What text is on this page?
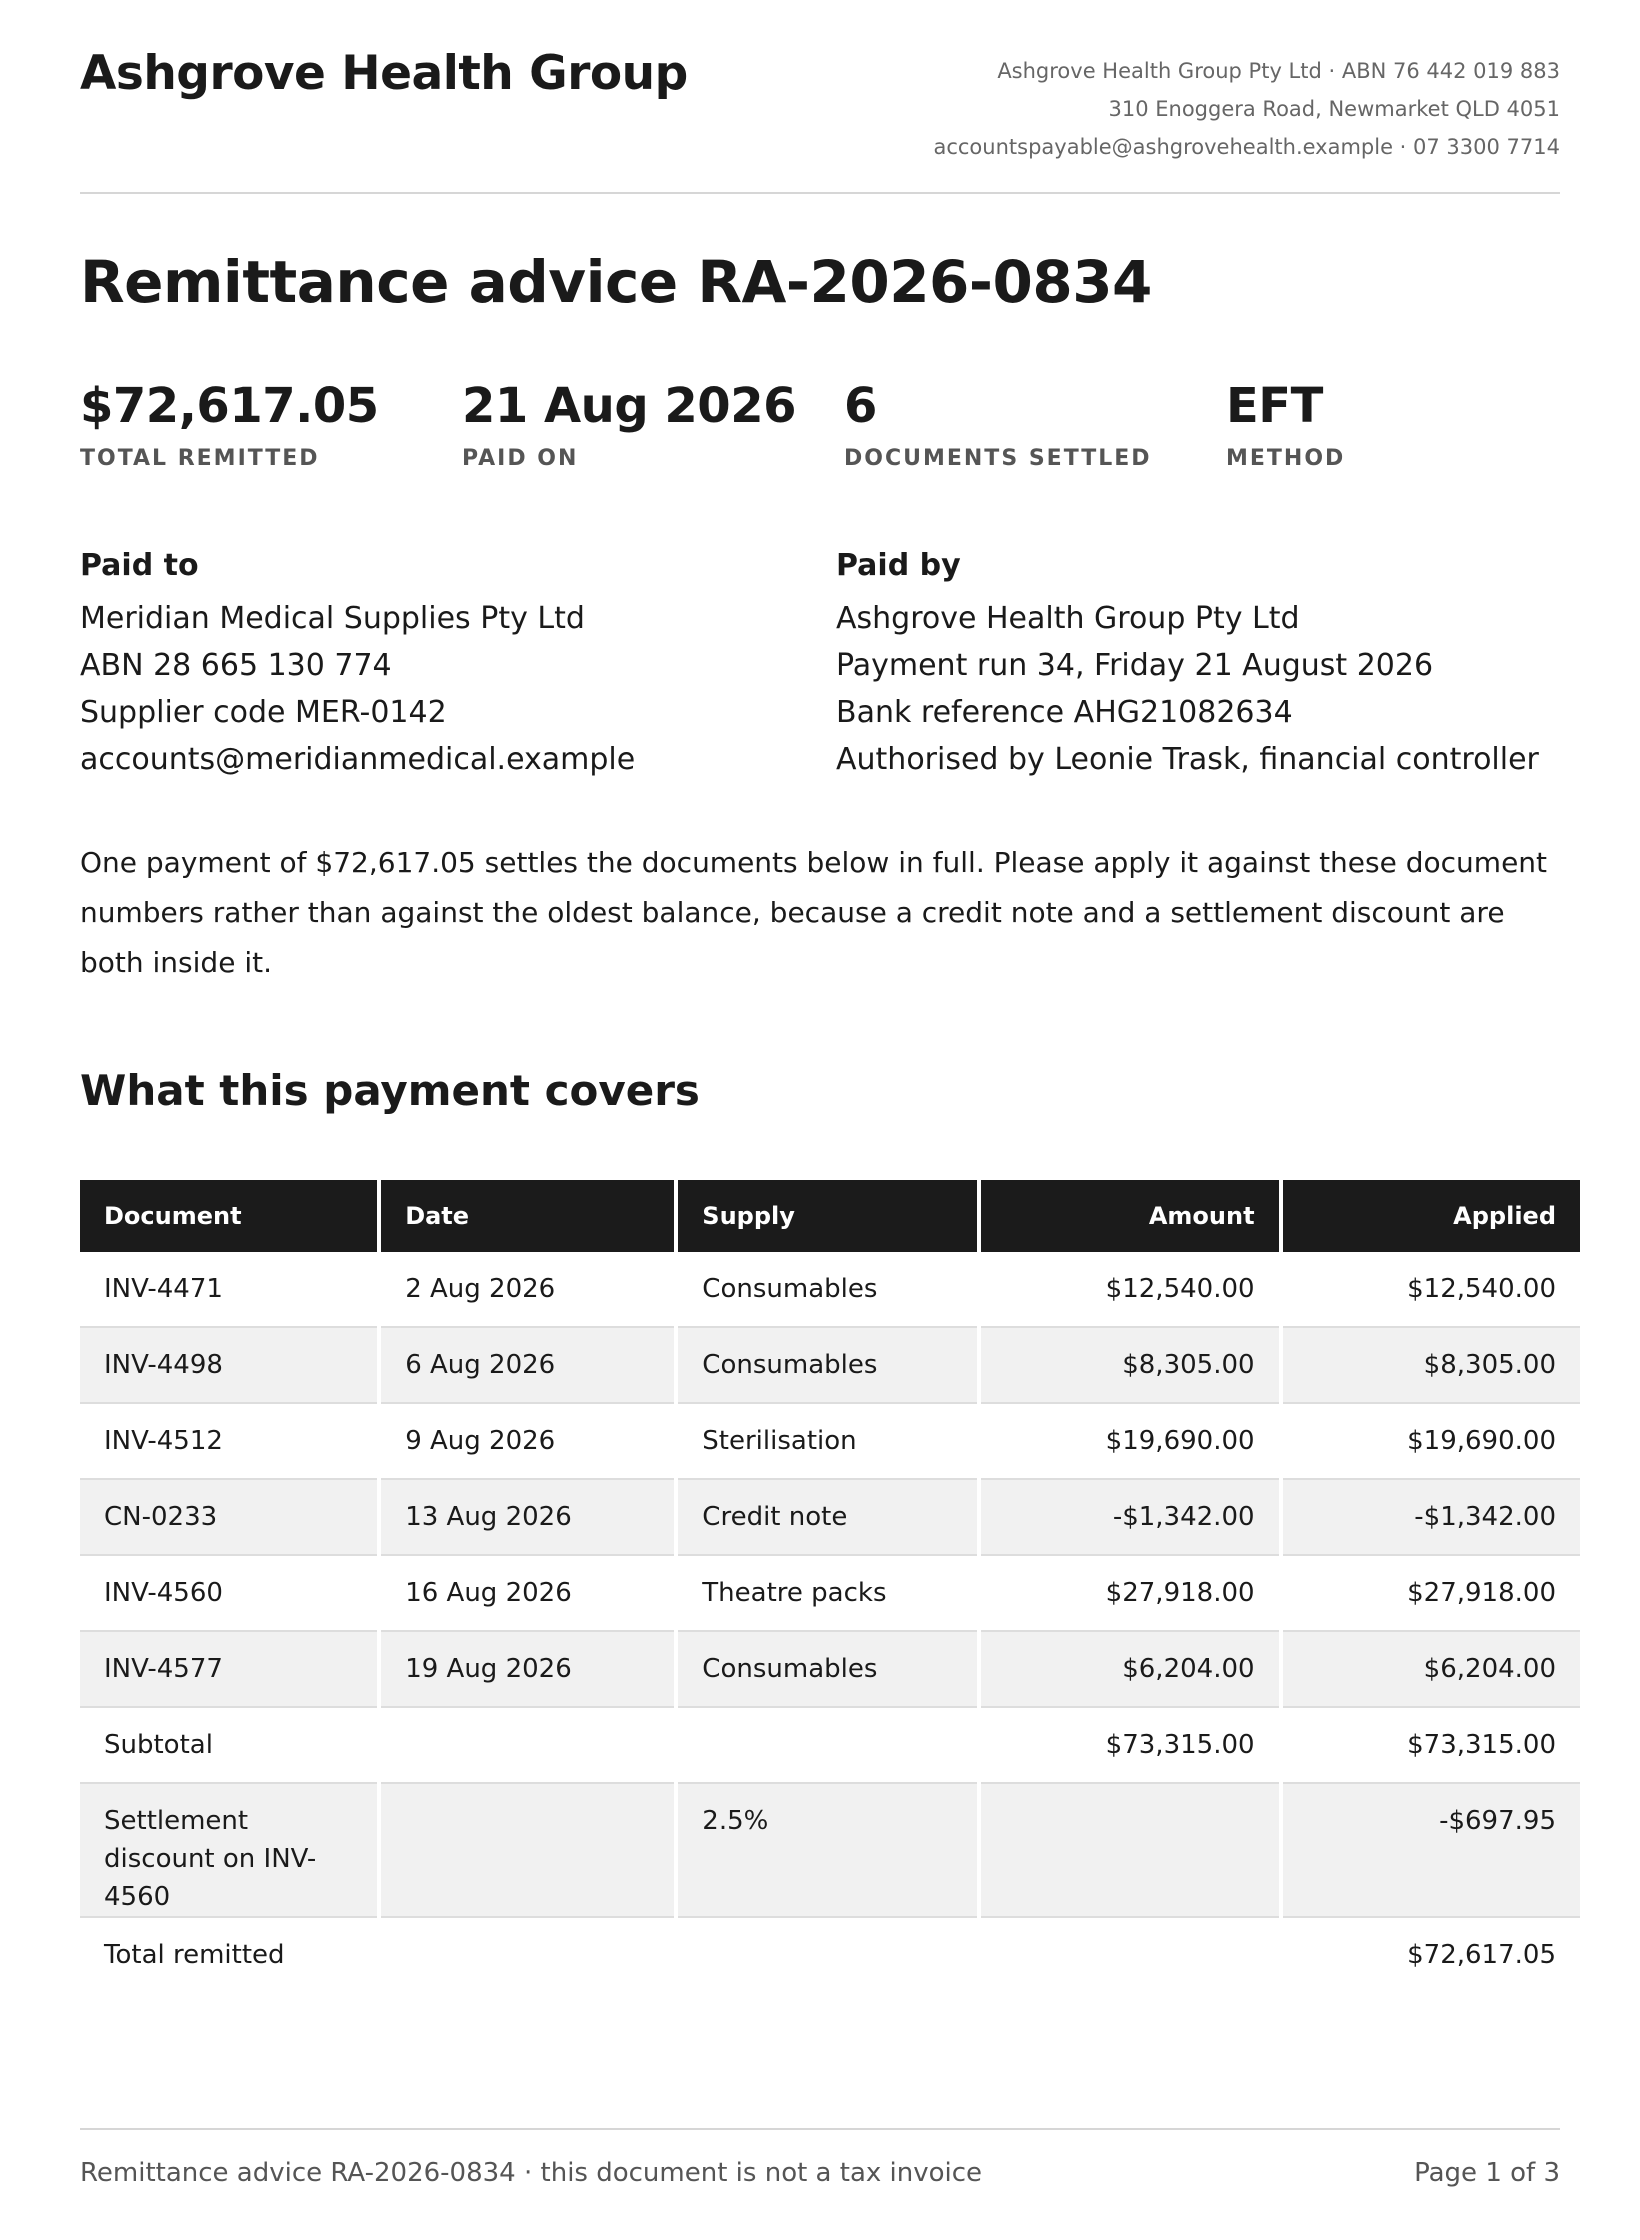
Ashgrove Health Group	Ashgrove Health Group Pty Ltd · ABN 76 442 019 883
310 Enoggera Road, Newmarket QLD 4051
accountspayable@ashgrovehealth.example · 07 3300 7714
Remittance advice RA-2026-0834
$72,617.05
TOTAL REMITTED
21 Aug 2026
PAID ON
6
DOCUMENTS SETTLED
EFT
METHOD
Paid to
Meridian Medical Supplies Pty Ltd
ABN 28 665 130 774
Supplier code MER-0142
accounts@meridianmedical.example
Paid by
Ashgrove Health Group Pty Ltd
Payment run 34, Friday 21 August 2026
Bank reference AHG21082634
Authorised by Leonie Trask, financial controller

One payment of $72,617.05 settles the documents below in full. Please apply it against these document numbers rather than against the oldest balance, because a credit note and a settlement discount are both inside it.

What this payment covers
Document	Date	Supply	Amount	Applied
INV-4471	2 Aug 2026	Consumables	$12,540.00	$12,540.00
INV-4498	6 Aug 2026	Consumables	$8,305.00	$8,305.00
INV-4512	9 Aug 2026	Sterilisation	$19,690.00	$19,690.00
CN-0233	13 Aug 2026	Credit note	-$1,342.00	-$1,342.00
INV-4560	16 Aug 2026	Theatre packs	$27,918.00	$27,918.00
INV-4577	19 Aug 2026	Consumables	$6,204.00	$6,204.00
Subtotal			$73,315.00	$73,315.00
Settlement discount on INV-4560		2.5%		-$697.95
Total remitted				$72,617.05
Remittance advice RA-2026-0834 · this document is not a tax invoice	Page 1 of 3
